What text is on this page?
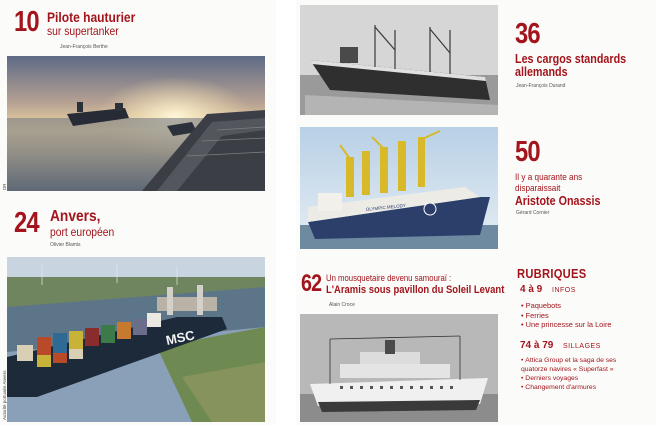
10 Pilote hauturier
sur supertanker
Jean-François Berthe
DR
24 Anvers,
port européen
Olivier Blamis
MSC
Autorité portuaire Anvers
36
Les cargos standards
allemands
Jean-François Durand
OLYMPIC MELODY
50
Il y a quarante ans
disparaissait
Aristote Onassis
Gérard Cornier
62 Un mousquetaire devenu samouraï :
L'Aramis sous pavillon du Soleil Levant
Alain Croce
RUBRIQUES
4 à 9 INFOS
• Paquebots
• Ferries
• Une princesse sur la Loire
74 à 79 SILLAGES
• Attica Group et la saga de ses quatorze navires « Superfast »
• Derniers voyages
• Changement d'armures
